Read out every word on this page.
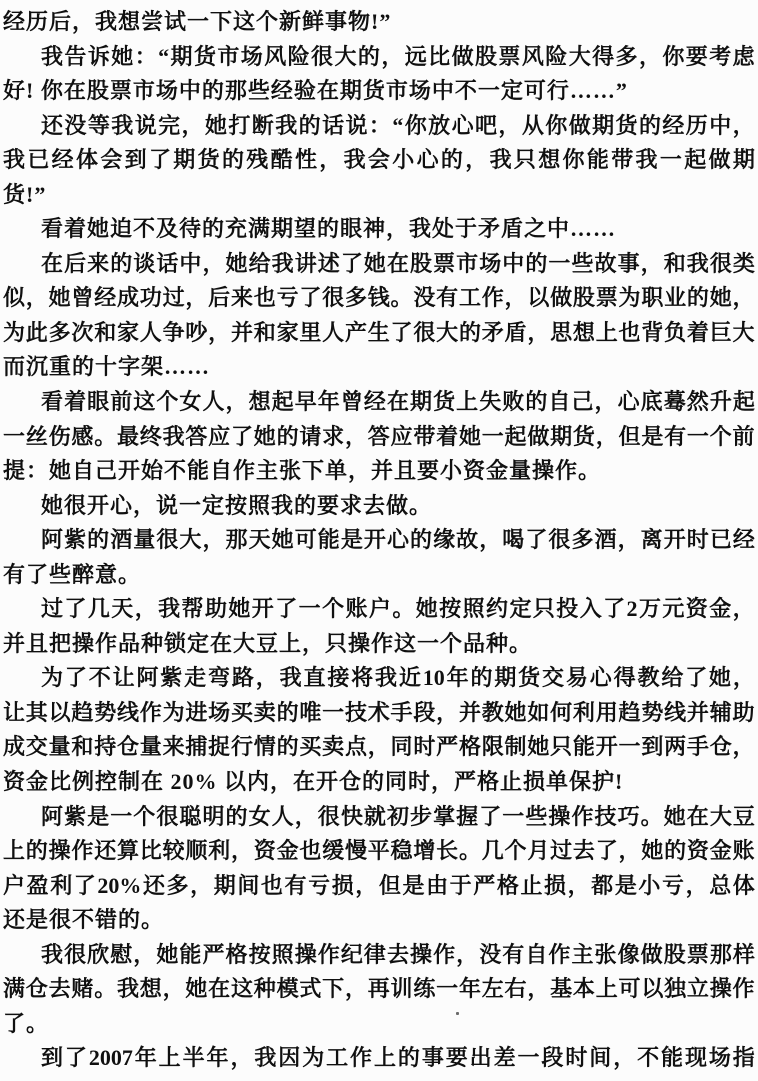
经历后，我想尝试一下这个新鲜事物!”
我 告 诉 她 ： “ 期 货 市 场 风 险 很 大 的 ， 远 比 做 股 票 风 险 大 得 多 ， 你 要 考 虑
好! 你在股票市场中的那些经验在期货市场中不一定可行……”
还 没 等 我 说 完 ， 她 打 断 我 的 话 说 ： “ 你 放 心 吧 ， 从 你 做 期 货 的 经 历 中 ，
我 已 经 体 会 到 了 期 货 的 残 酷 性 ， 我 会 小 心 的 ， 我 只 想 你 能 带 我 一 起 做 期
货!”
看着她迫不及待的充满期望的眼神，我处于矛盾之中……
在 后 来 的 谈 话 中 ， 她 给 我 讲 述 了 她 在 股 票 市 场 中 的 一 些 故 事 ， 和 我 很 类
似 ， 她 曾 经 成 功 过 ， 后 来 也 亏 了 很 多 钱 。 没 有 工 作 ， 以 做 股 票 为 职 业 的 她 ，
为 此 多 次 和 家 人 争 吵 ， 并 和 家 里 人 产 生 了 很 大 的 矛 盾 ， 思 想 上 也 背 负 着 巨 大
而沉重的十字架……
看 着 眼 前 这 个 女 人 ， 想 起 早 年 曾 经 在 期 货 上 失 败 的 自 己 ， 心 底 蓦 然 升 起
一 丝 伤 感 。 最 终 我 答 应 了 她 的 请 求 ， 答 应 带 着 她 一 起 做 期 货 ， 但 是 有 一 个 前
提：她自己开始不能自作主张下单，并且要小资金量操作。
她很开心，说一定按照我的要求去做。
阿 紫 的 酒 量 很 大 ， 那 天 她 可 能 是 开 心 的 缘 故 ， 喝 了 很 多 酒 ， 离 开 时 已 经
有了些醉意。
过 了 几 天 ， 我 帮 助 她 开 了 一 个 账 户 。 她 按 照 约 定 只 投 入 了 2 万 元 资 金 ，
并且把操作品种锁定在大豆上，只操作这一个品种。
为 了 不 让 阿 紫 走 弯 路 ， 我 直 接 将 我 近 10 年 的 期 货 交 易 心 得 教 给 了 她 ，
让 其 以 趋 势 线 作 为 进 场 买 卖 的 唯 一 技 术 手 段 ， 并 教 她 如 何 利 用 趋 势 线 并 辅 助
成 交 量 和 持 仓 量 来 捕 捉 行 情 的 买 卖 点 ， 同 时 严 格 限 制 她 只 能 开 一 到 两 手 仓 ，
资金比例控制在 20% 以内，在开仓的同时，严格止损单保护!
阿 紫 是 一 个 很 聪 明 的 女 人 ， 很 快 就 初 步 掌 握 了 一 些 操 作 技 巧 。 她 在 大 豆
上 的 操 作 还 算 比 较 顺 利 ， 资 金 也 缓 慢 平 稳 增 长 。 几 个 月 过 去 了 ， 她 的 资 金 账
户 盈 利 了 20% 还 多 ， 期 间 也 有 亏 损 ， 但 是 由 于 严 格 止 损 ， 都 是 小 亏 ， 总 体
还是很不错的。
我 很 欣 慰 ， 她 能 严 格 按 照 操 作 纪 律 去 操 作 ， 没 有 自 作 主 张 像 做 股 票 那 样
满 仓 去 赌 。 我 想 ， 她 在 这 种 模 式 下 ， 再 训 练 一 年 左 右 ， 基 本 上 可 以 独 立 操 作
了。
到 了 2007 年 上 半 年 ， 我 因 为 工 作 上 的 事 要 出 差 一 段 时 间 ， 不 能 现 场 指
